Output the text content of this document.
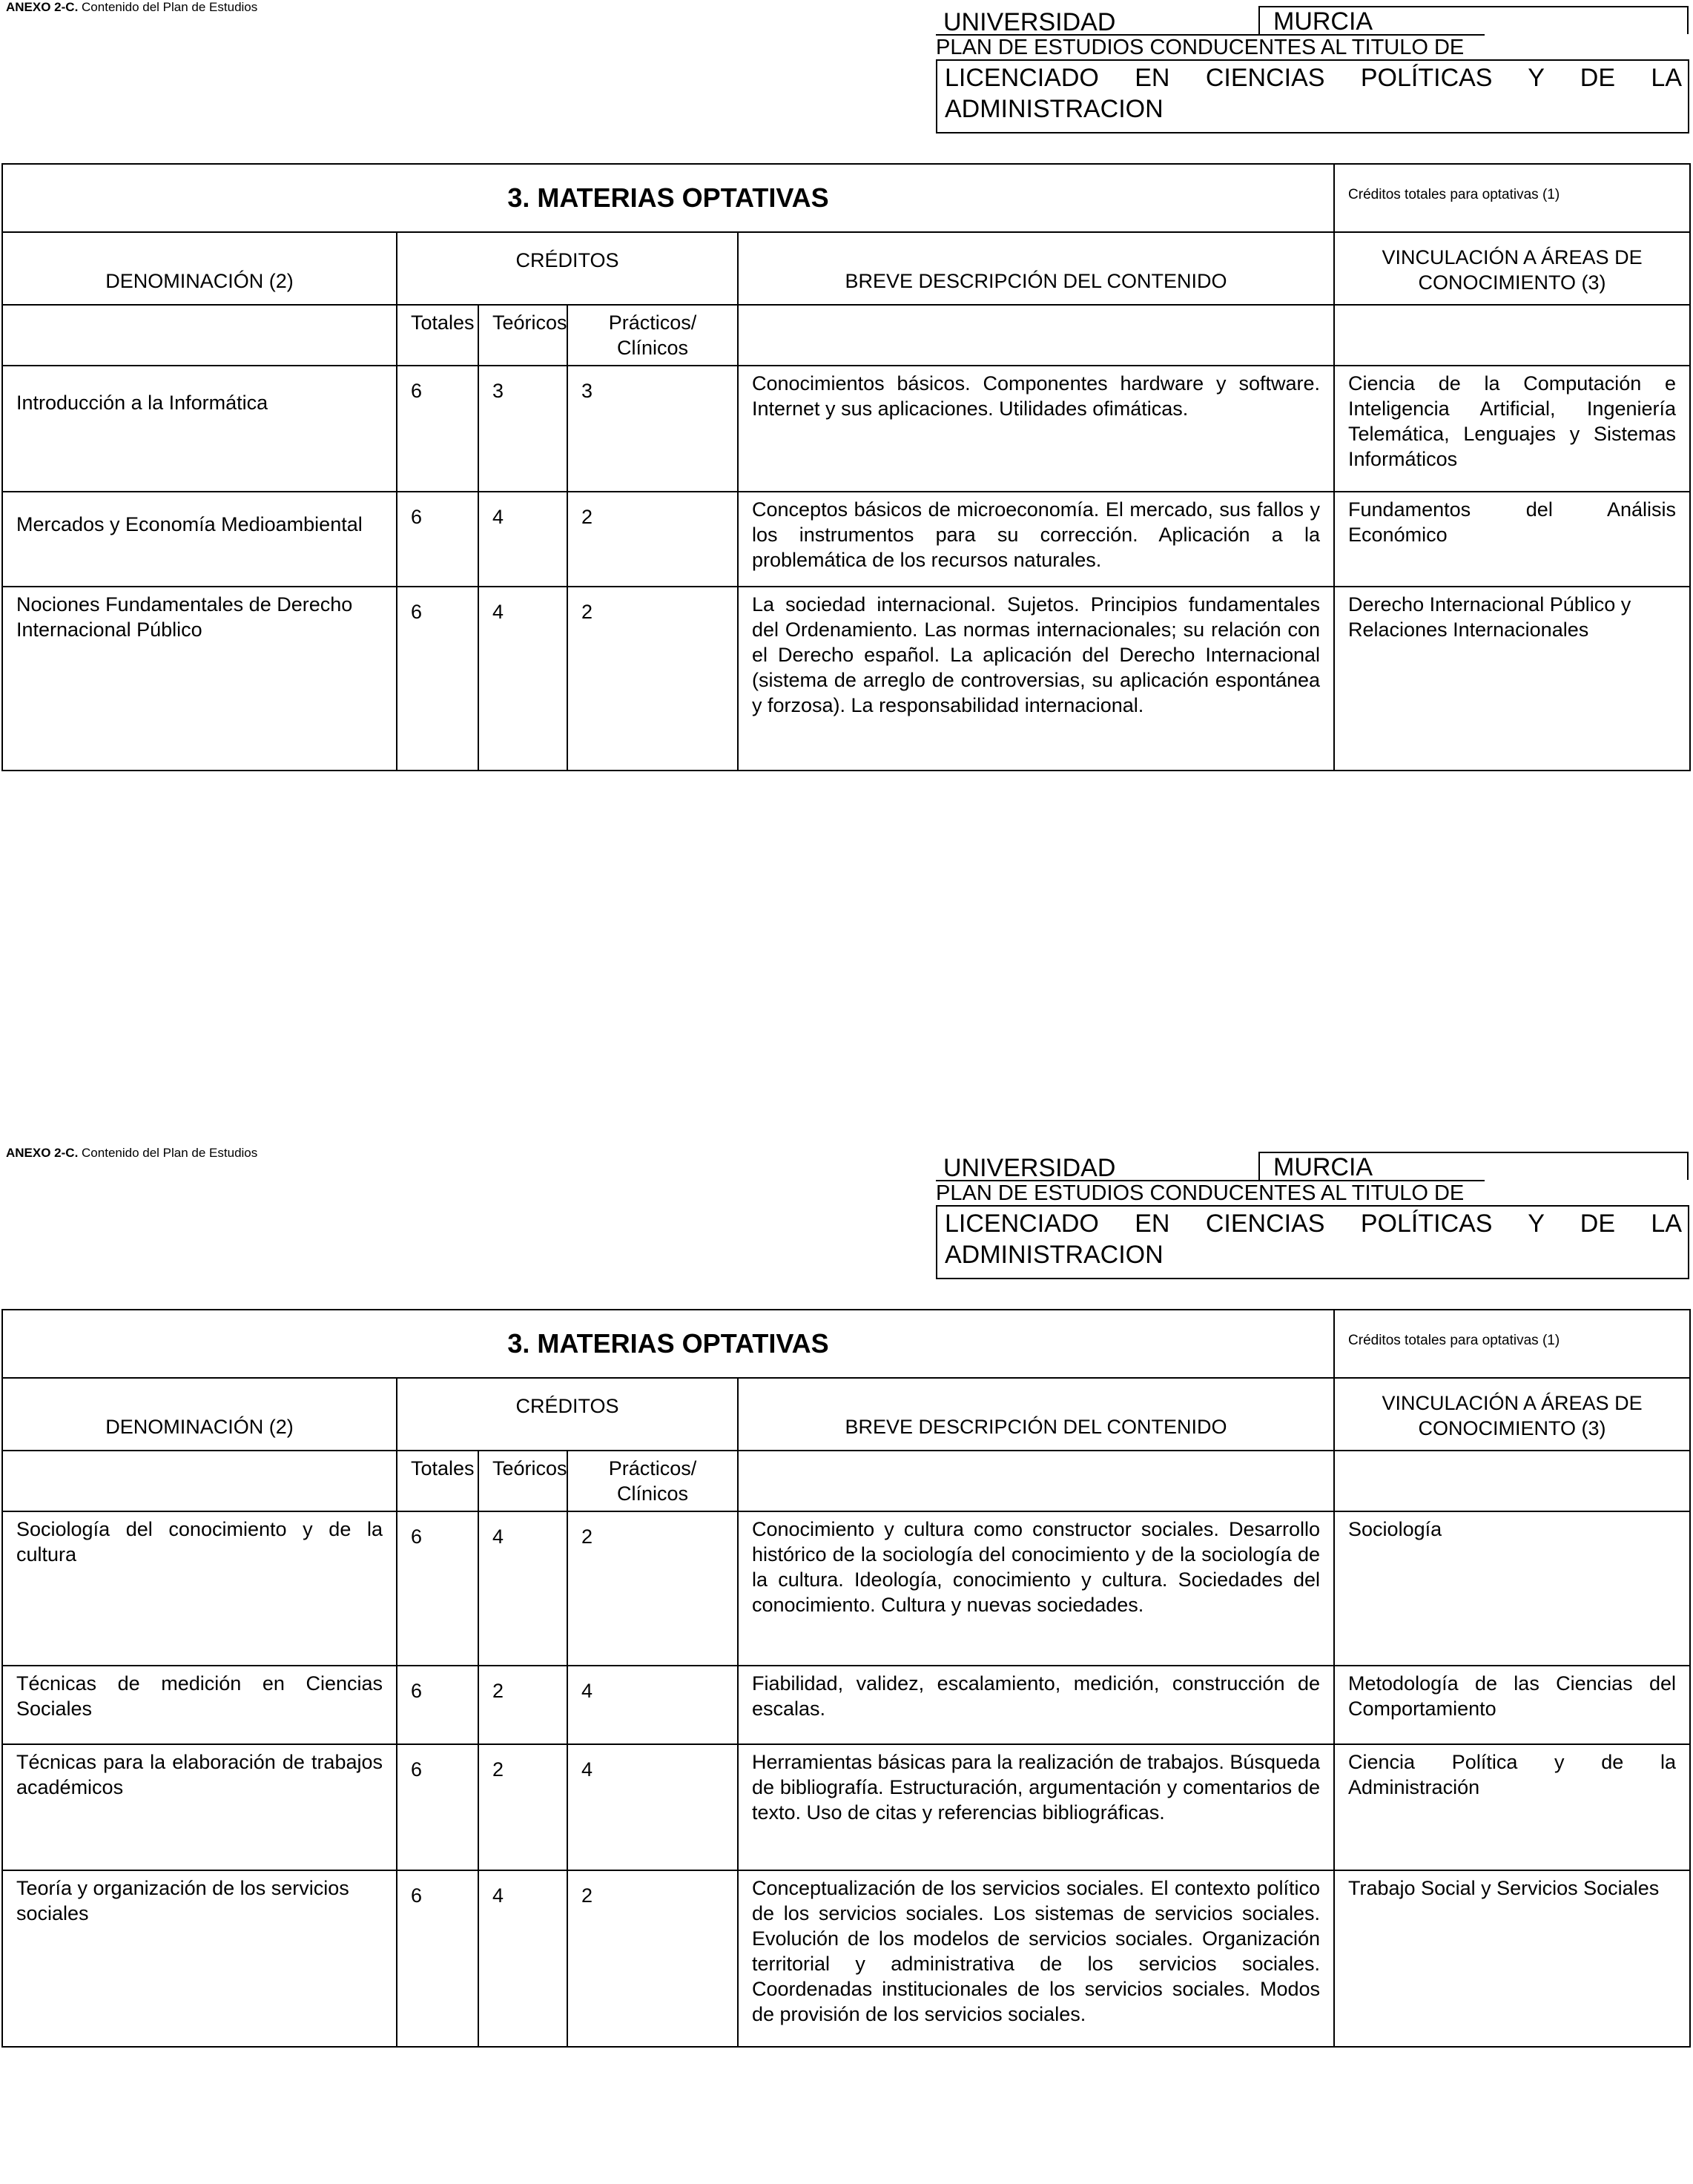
ANEXO 2-C. Contenido del Plan de Estudios
UNIVERSIDAD	MURCIA
PLAN DE ESTUDIOS CONDUCENTES AL TITULO DE
LICENCIADO EN CIENCIAS POLÍTICAS Y DE LA ADMINISTRACION
3. MATERIAS OPTATIVAS					Créditos totales para optativas (1)
DENOMINACIÓN (2)	CRÉDITOS			BREVE DESCRIPCIÓN DEL CONTENIDO	VINCULACIÓN A ÁREAS DE CONOCIMIENTO (3)
	Totales	Teóricos	Prácticos/ Clínicos		
Introducción a la Informática	6	3	3	Conocimientos básicos. Componentes hardware y software. Internet y sus aplicaciones. Utilidades ofimáticas.	Ciencia de la Computación e Inteligencia Artificial, Ingeniería Telemática, Lenguajes y Sistemas Informáticos
Mercados y Economía Medioambiental	6	4	2	Conceptos básicos de microeconomía. El mercado, sus fallos y los instrumentos para su corrección. Aplicación a la problemática de los recursos naturales.	Fundamentos del Análisis Económico
Nociones Fundamentales de Derecho Internacional Público	6	4	2	La sociedad internacional. Sujetos. Principios fundamentales del Ordenamiento. Las normas internacionales; su relación con el Derecho español. La aplicación del Derecho Internacional (sistema de arreglo de controversias, su aplicación espontánea y forzosa). La responsabilidad internacional.	Derecho Internacional Público y Relaciones Internacionales
ANEXO 2-C. Contenido del Plan de Estudios
UNIVERSIDAD	MURCIA
PLAN DE ESTUDIOS CONDUCENTES AL TITULO DE
LICENCIADO EN CIENCIAS POLÍTICAS Y DE LA ADMINISTRACION
3. MATERIAS OPTATIVAS					Créditos totales para optativas (1)
DENOMINACIÓN (2)	CRÉDITOS			BREVE DESCRIPCIÓN DEL CONTENIDO	VINCULACIÓN A ÁREAS DE CONOCIMIENTO (3)
	Totales	Teóricos	Prácticos/ Clínicos		
Sociología del conocimiento y de la cultura	6	4	2	Conocimiento y cultura como constructor sociales. Desarrollo histórico de la sociología del conocimiento y de la sociología de la cultura. Ideología, conocimiento y cultura. Sociedades del conocimiento. Cultura y nuevas sociedades.	Sociología
Técnicas de medición en Ciencias Sociales	6	2	4	Fiabilidad, validez, escalamiento, medición, construcción de escalas.	Metodología de las Ciencias del Comportamiento
Técnicas para la elaboración de trabajos académicos	6	2	4	Herramientas básicas para la realización de trabajos. Búsqueda de bibliografía. Estructuración, argumentación y comentarios de texto. Uso de citas y referencias bibliográficas.	Ciencia Política y de la Administración
Teoría y organización de los servicios sociales	6	4	2	Conceptualización de los servicios sociales. El contexto político de los servicios sociales. Los sistemas de servicios sociales. Evolución de los modelos de servicios sociales. Organización territorial y administrativa de los servicios sociales. Coordenadas institucionales de los servicios sociales. Modos de provisión de los servicios sociales.	Trabajo Social y Servicios Sociales
